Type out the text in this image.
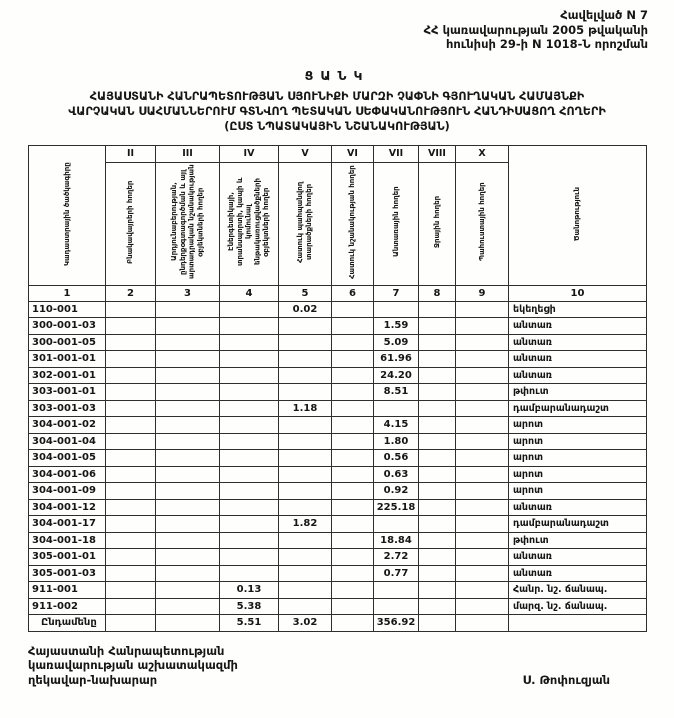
Հավելված N 7
ՀՀ կառավարության 2005 թվականի
հունիսի 29-ի N 1018-Ն որոշման
ՑԱՆԿ
ՀԱՅԱՍՏԱՆԻ ՀԱՆՐԱՊԵՏՈՒԹՅԱՆ ՍՅՈՒՆԻՔԻ ՄԱՐԶԻ ՉԱՓՆԻ ԳՅՈՒՂԱԿԱՆ ՀԱՄԱՅՆՔԻ
ՎԱՐՉԱԿԱՆ ՍԱՀՄԱՆՆԵՐՈՒՄ ԳՏՆՎՈՂ ՊԵՏԱԿԱՆ ՍԵՓԱԿԱՆՈՒԹՅՈՒՆ ՀԱՆԴԻՍԱՑՈՂ ՀՈՂԵՐԻ
(ԸՍՏ ՆՊԱՏԱԿԱՅԻՆ ՆՇԱՆԱԿՈՒԹՅԱՆ)
Կադաստրային ծածկագիրը	II	III	IV	V	VI	VII	VIII	X	Ծանոթություն
	Բնակավայրերի հողեր	Արդյունաբերության, ընդերքօգտագործման և այլ արտադրական նշանակության օբյեկտների հողեր	Էներգետիկայի, տրանսպորտի, կապի և կոմունալ ենթակառուցվածքների օբյեկտների հողեր	Հատուկ պահպանվող տարածքների հողեր	Հատուկ նշանակության հողեր	Անտառային հողեր	Ջրային հողեր	Պահուստային հողեր	
1	2	3	4	5	6	7	8	9	10
110-001				0.02					եկեղեցի
300-001-03						1.59			անտառ
300-001-05						5.09			անտառ
301-001-01						61.96			անտառ
302-001-01						24.20			անտառ
303-001-01						8.51			թփուտ
303-001-03				1.18					դամբարանադաշտ
304-001-02						4.15			արոտ
304-001-04						1.80			արոտ
304-001-05						0.56			արոտ
304-001-06						0.63			արոտ
304-001-09						0.92			արոտ
304-001-12						225.18			անտառ
304-001-17				1.82					դամբարանադաշտ
304-001-18						18.84			թփուտ
305-001-01						2.72			անտառ
305-001-03						0.77			անտառ
911-001			0.13						Հանր. նշ. ճանապ.
911-002			5.38						մարզ. նշ. ճանապ.
Ընդամենը			5.51	3.02		356.92			
Հայաստանի Հանրապետության
կառավարության աշխատակազմի
ղեկավար-նախարար	Ս. Թոփուզյան
